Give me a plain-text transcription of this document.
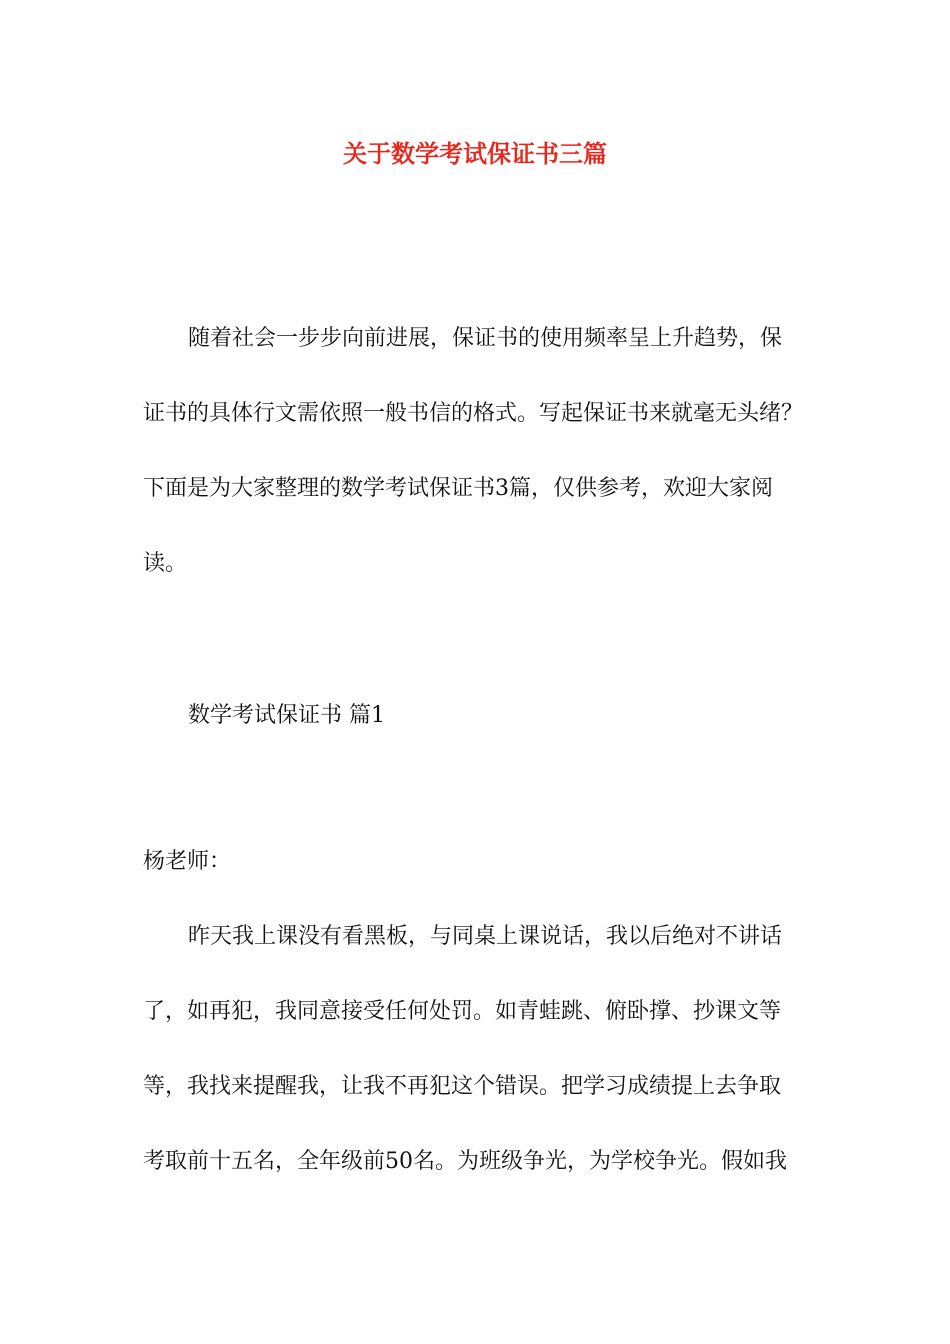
关于数学考试保证书三篇
随着社会一步步向前进展，保证书的使用频率呈上升趋势，保
证书的具体行文需依照一般书信的格式。写起保证书来就毫无头绪？
下面是为大家整理的数学考试保证书3篇，仅供参考，欢迎大家阅
读。
数学考试保证书 篇1
杨老师：
昨天我上课没有看黑板，与同桌上课说话，我以后绝对不讲话
了，如再犯，我同意接受任何处罚。如青蛙跳、俯卧撑、抄课文等
等，我找来提醒我，让我不再犯这个错误。把学习成绩提上去争取
考取前十五名，全年级前50名。为班级争光，为学校争光。假如我
